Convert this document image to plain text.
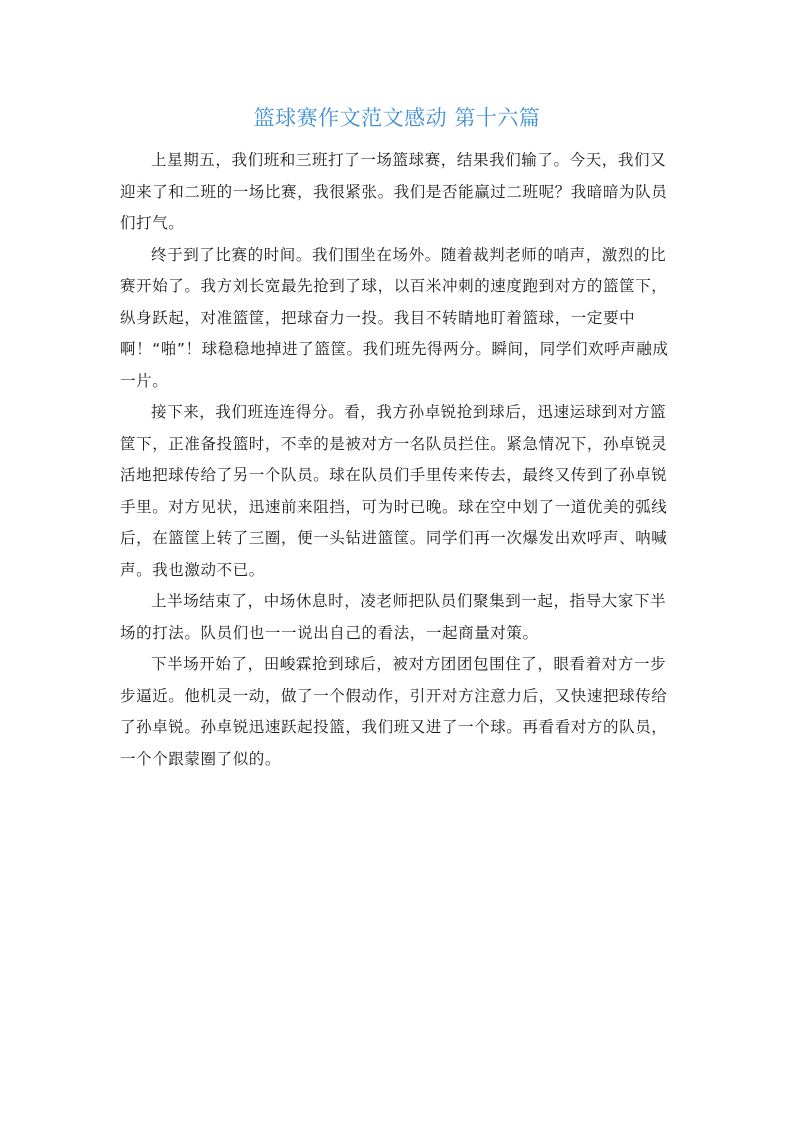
篮球赛作文范文感动 第十六篇

上星期五，我们班和三班打了一场篮球赛，结果我们输了。今天，我们又迎来了和二班的一场比赛，我很紧张。我们是否能赢过二班呢？我暗暗为队员们打气。

终于到了比赛的时间。我们围坐在场外。随着裁判老师的哨声，激烈的比赛开始了。我方刘长宽最先抢到了球，以百米冲刺的速度跑到对方的篮筐下，纵身跃起，对准篮筐，把球奋力一投。我目不转睛地盯着篮球，一定要中啊！“啪”！球稳稳地掉进了篮筐。我们班先得两分。瞬间，同学们欢呼声融成一片。

接下来，我们班连连得分。看，我方孙卓锐抢到球后，迅速运球到对方篮筐下，正准备投篮时，不幸的是被对方一名队员拦住。紧急情况下，孙卓锐灵活地把球传给了另一个队员。球在队员们手里传来传去，最终又传到了孙卓锐手里。对方见状，迅速前来阻挡，可为时已晚。球在空中划了一道优美的弧线后，在篮筐上转了三圈，便一头钻进篮筐。同学们再一次爆发出欢呼声、呐喊声。我也激动不已。

上半场结束了，中场休息时，凌老师把队员们聚集到一起，指导大家下半场的打法。队员们也一一说出自己的看法，一起商量对策。

下半场开始了，田峻霖抢到球后，被对方团团包围住了，眼看着对方一步步逼近。他机灵一动，做了一个假动作，引开对方注意力后，又快速把球传给了孙卓锐。孙卓锐迅速跃起投篮，我们班又进了一个球。再看看对方的队员，一个个跟蒙圈了似的。
